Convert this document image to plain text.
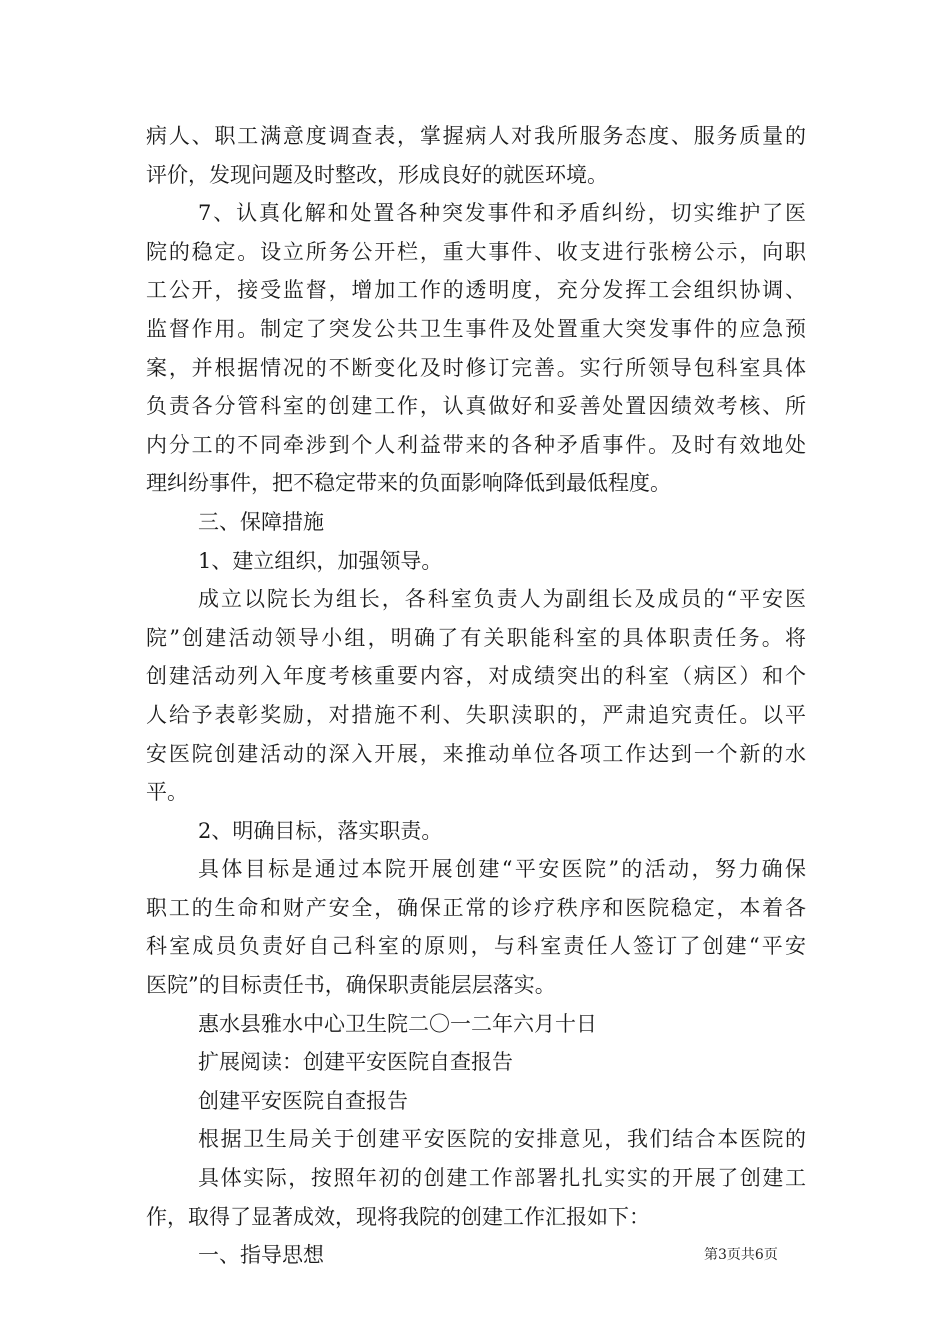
病人、职工满意度调查表，掌握病人对我所服务态度、服务质量的
评价，发现问题及时整改，形成良好的就医环境。
7、认真化解和处置各种突发事件和矛盾纠纷，切实维护了医
院的稳定。设立所务公开栏，重大事件、收支进行张榜公示，向职
工公开，接受监督，增加工作的透明度，充分发挥工会组织协调、
监督作用。制定了突发公共卫生事件及处置重大突发事件的应急预
案，并根据情况的不断变化及时修订完善。实行所领导包科室具体
负责各分管科室的创建工作，认真做好和妥善处置因绩效考核、所
内分工的不同牵涉到个人利益带来的各种矛盾事件。及时有效地处
理纠纷事件，把不稳定带来的负面影响降低到最低程度。
三、保障措施
1、建立组织，加强领导。
成立以院长为组长，各科室负责人为副组长及成员的“平安医
院”创建活动领导小组，明确了有关职能科室的具体职责任务。将
创建活动列入年度考核重要内容，对成绩突出的科室（病区）和个
人给予表彰奖励，对措施不利、失职渎职的，严肃追究责任。以平
安医院创建活动的深入开展，来推动单位各项工作达到一个新的水
平。
2、明确目标，落实职责。
具体目标是通过本院开展创建“平安医院”的活动，努力确保
职工的生命和财产安全，确保正常的诊疗秩序和医院稳定，本着各
科室成员负责好自己科室的原则，与科室责任人签订了创建“平安
医院”的目标责任书，确保职责能层层落实。
惠水县雅水中心卫生院二〇一二年六月十日
扩展阅读：创建平安医院自查报告
创建平安医院自查报告
根据卫生局关于创建平安医院的安排意见，我们结合本医院的
具体实际，按照年初的创建工作部署扎扎实实的开展了创建工
作，取得了显著成效，现将我院的创建工作汇报如下：
一、指导思想	第3页共6页
